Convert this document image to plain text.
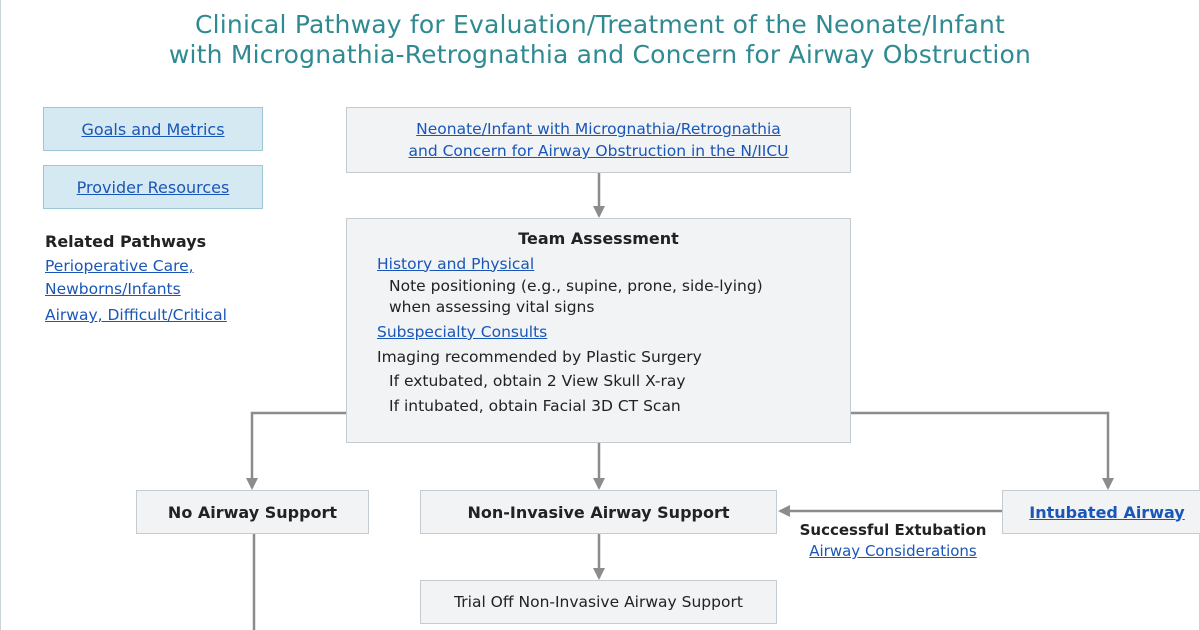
Clinical Pathway for Evaluation/Treatment of the Neonate/Infant
with Micrognathia-Retrognathia and Concern for Airway Obstruction
Goals and Metrics
Provider Resources
Related Pathways
Perioperative Care,
Newborns/Infants
Airway, Difficult/Critical
Neonate/Infant with Micrognathia/Retrognathia
and Concern for Airway Obstruction in the N/IICU
Team Assessment
History and Physical
Note positioning (e.g., supine, prone, side-lying)
when assessing vital signs
Subspecialty Consults
Imaging recommended by Plastic Surgery
If extubated, obtain 2 View Skull X-ray
If intubated, obtain Facial 3D CT Scan
No Airway Support	Non-Invasive Airway Support	Intubated Airway
Trial Off Non-Invasive Airway Support
Successful Extubation
Airway Considerations
